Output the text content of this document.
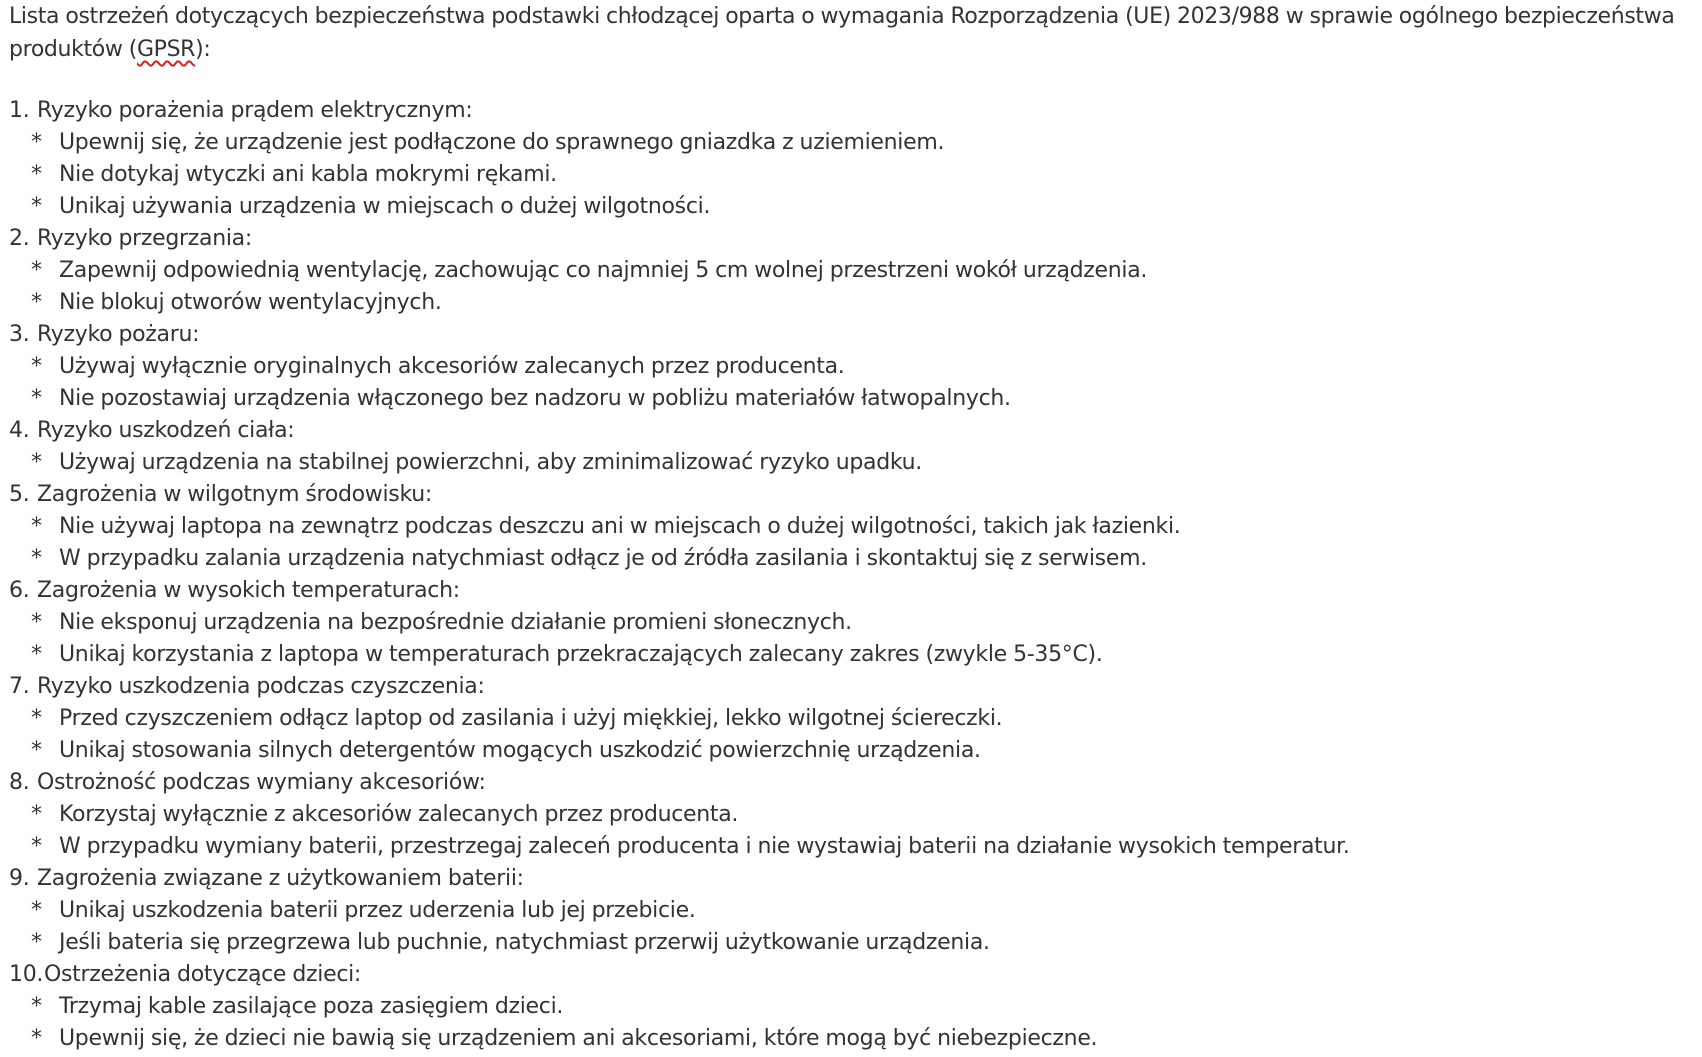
Lista ostrzeżeń dotyczących bezpieczeństwa podstawki chłodzącej oparta o wymagania Rozporządzenia (UE) 2023/988 w sprawie ogólnego bezpieczeństwa produktów (GPSR):

1. Ryzyko porażenia prądem elektrycznym:
* Upewnij się, że urządzenie jest podłączone do sprawnego gniazdka z uziemieniem.
* Nie dotykaj wtyczki ani kabla mokrymi rękami.
* Unikaj używania urządzenia w miejscach o dużej wilgotności.
2. Ryzyko przegrzania:
* Zapewnij odpowiednią wentylację, zachowując co najmniej 5 cm wolnej przestrzeni wokół urządzenia.
* Nie blokuj otworów wentylacyjnych.
3. Ryzyko pożaru:
* Używaj wyłącznie oryginalnych akcesoriów zalecanych przez producenta.
* Nie pozostawiaj urządzenia włączonego bez nadzoru w pobliżu materiałów łatwopalnych.
4. Ryzyko uszkodzeń ciała:
* Używaj urządzenia na stabilnej powierzchni, aby zminimalizować ryzyko upadku.
5. Zagrożenia w wilgotnym środowisku:
* Nie używaj laptopa na zewnątrz podczas deszczu ani w miejscach o dużej wilgotności, takich jak łazienki.
* W przypadku zalania urządzenia natychmiast odłącz je od źródła zasilania i skontaktuj się z serwisem.
6. Zagrożenia w wysokich temperaturach:
* Nie eksponuj urządzenia na bezpośrednie działanie promieni słonecznych.
* Unikaj korzystania z laptopa w temperaturach przekraczających zalecany zakres (zwykle 5-35°C).
7. Ryzyko uszkodzenia podczas czyszczenia:
* Przed czyszczeniem odłącz laptop od zasilania i użyj miękkiej, lekko wilgotnej ściereczki.
* Unikaj stosowania silnych detergentów mogących uszkodzić powierzchnię urządzenia.
8. Ostrożność podczas wymiany akcesoriów:
* Korzystaj wyłącznie z akcesoriów zalecanych przez producenta.
* W przypadku wymiany baterii, przestrzegaj zaleceń producenta i nie wystawiaj baterii na działanie wysokich temperatur.
9. Zagrożenia związane z użytkowaniem baterii:
* Unikaj uszkodzenia baterii przez uderzenia lub jej przebicie.
* Jeśli bateria się przegrzewa lub puchnie, natychmiast przerwij użytkowanie urządzenia.
10.Ostrzeżenia dotyczące dzieci:
* Trzymaj kable zasilające poza zasięgiem dzieci.
* Upewnij się, że dzieci nie bawią się urządzeniem ani akcesoriami, które mogą być niebezpieczne.
